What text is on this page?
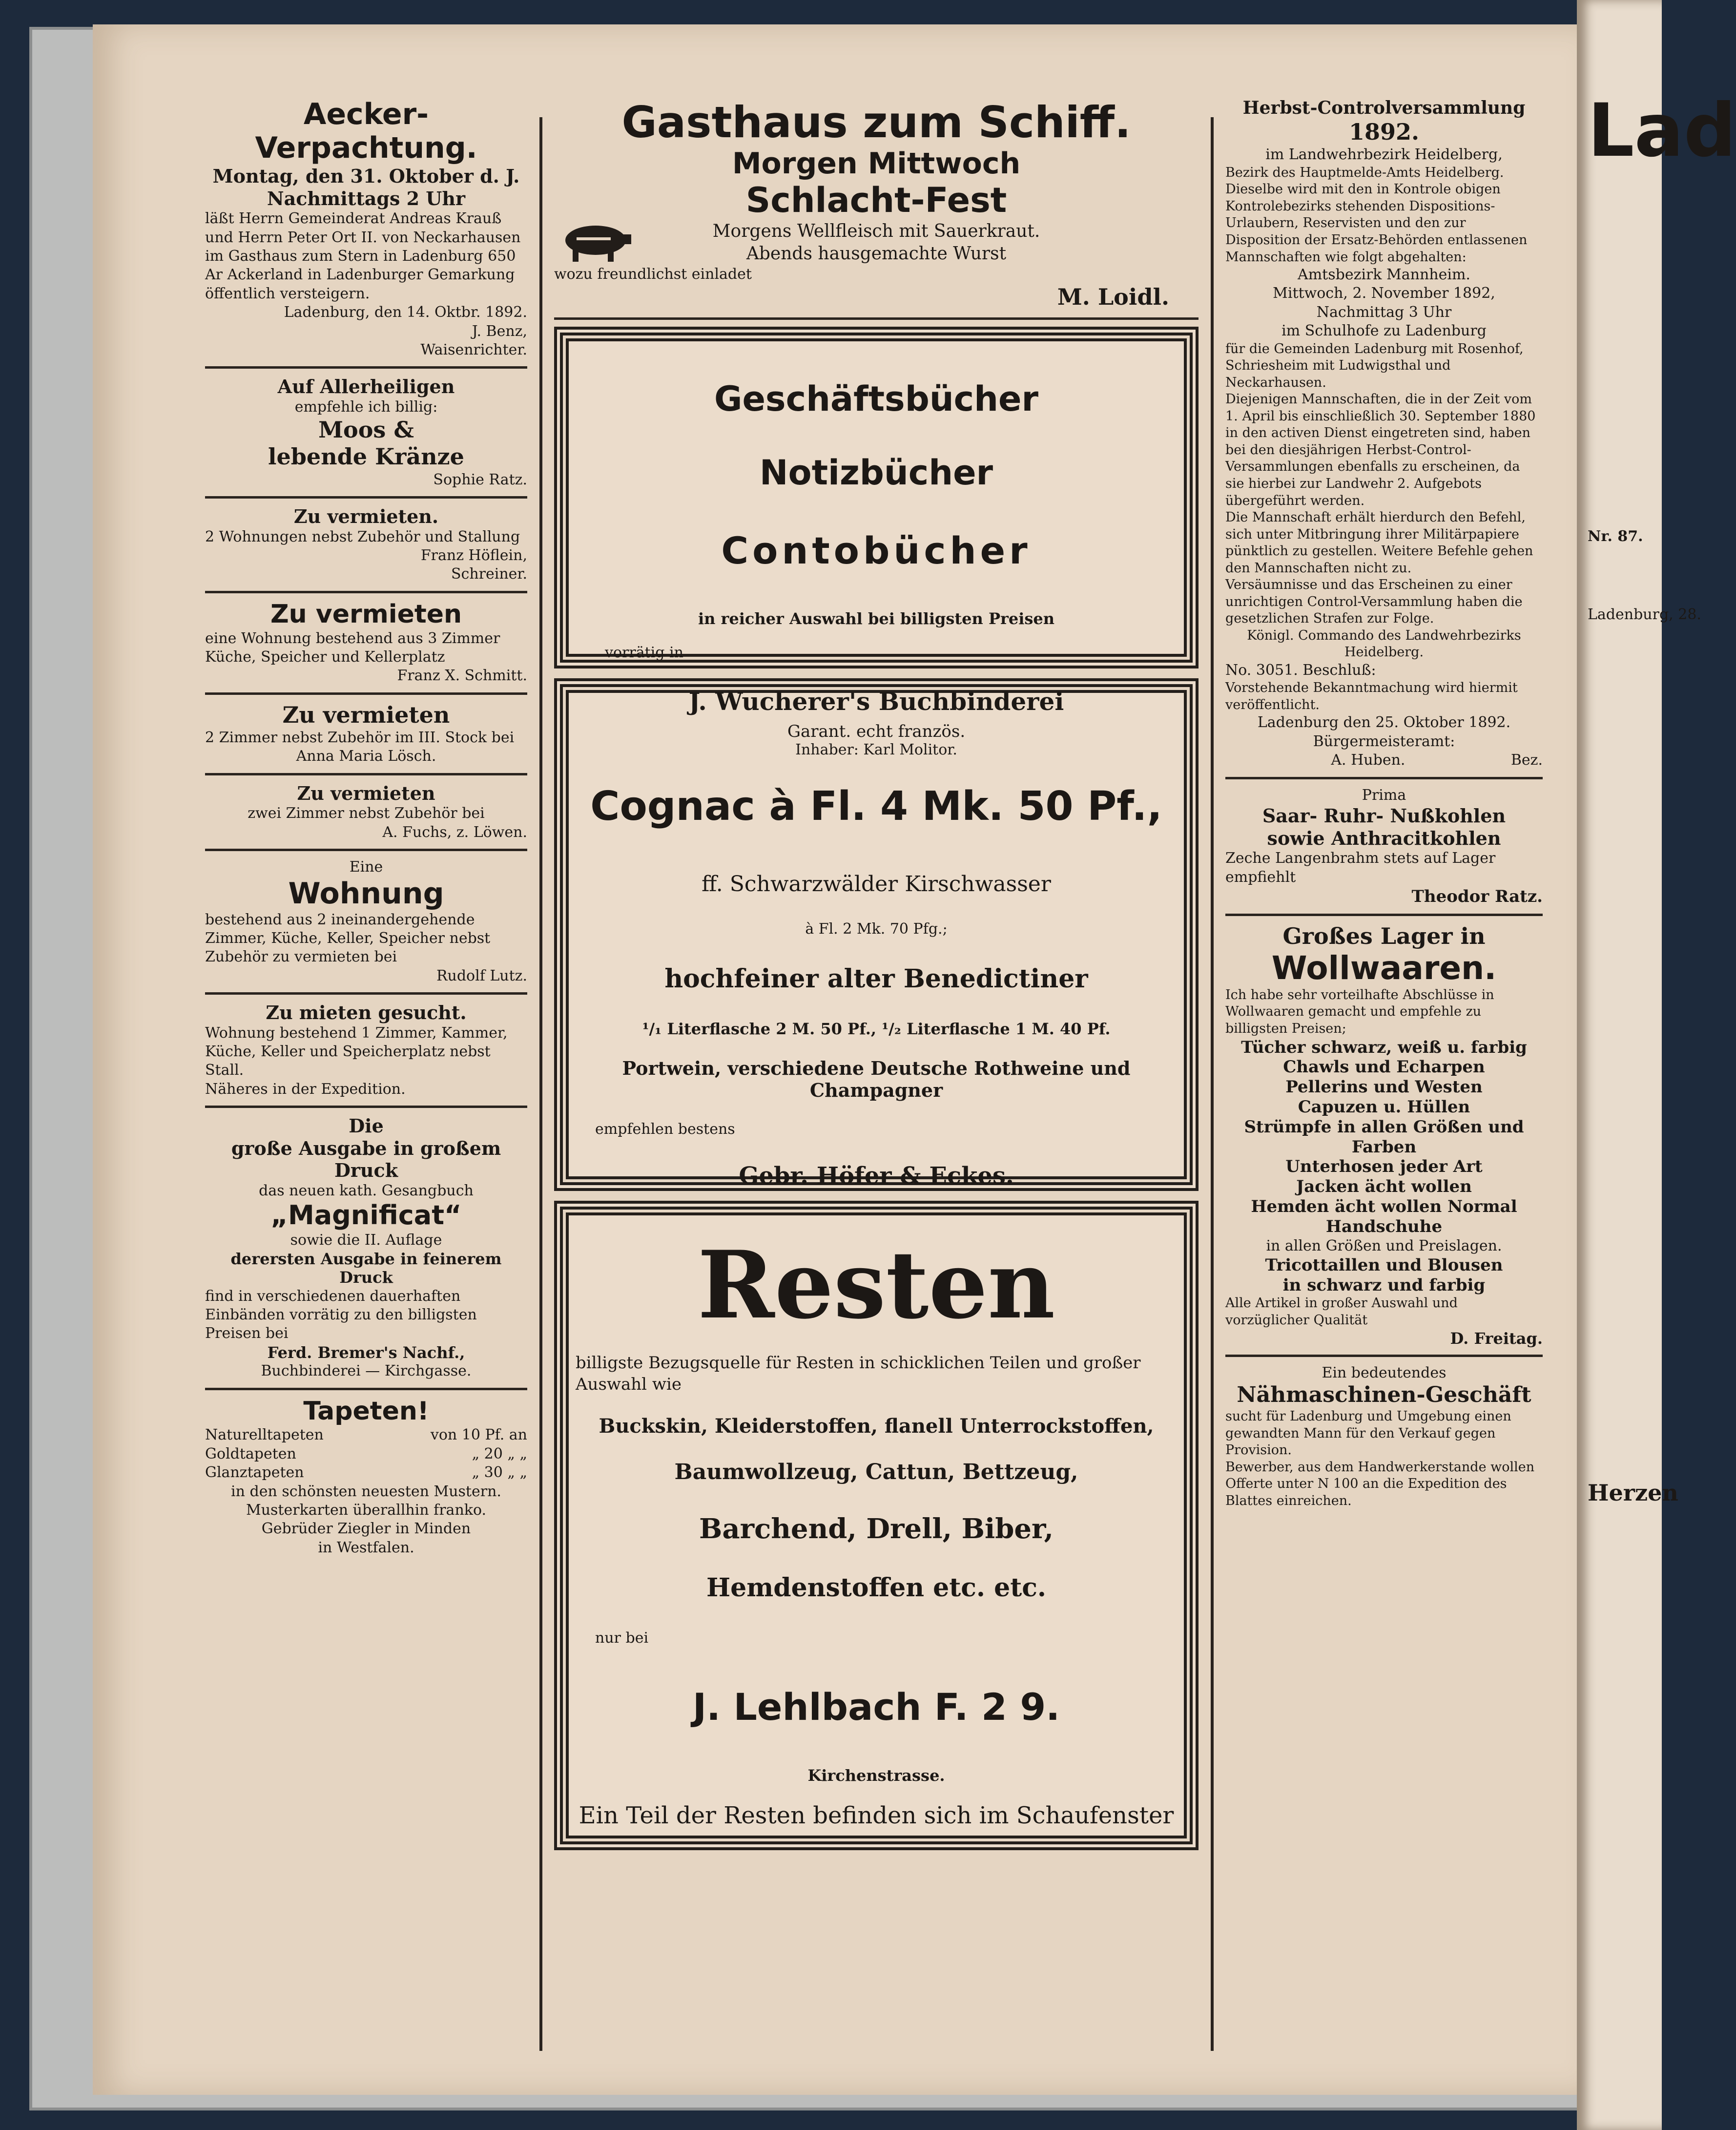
Aecker-

Verpachtung.

Montag, den 31. Oktober d. J.

Nachmittags 2 Uhr

läßt Herrn Gemeinderat Andreas Krauß und Herrn Peter Ort II. von Neckarhausen im Gasthaus zum Stern in Ladenburg 650 Ar Ackerland in Ladenburger Gemarkung öffentlich versteigern.

Ladenburg, den 14. Oktbr. 1892.

J. Benz,

Waisenrichter.

Auf Allerheiligen

empfehle ich billig:

Moos &

lebende Kränze

Sophie Ratz.

Zu vermieten.

2 Wohnungen nebst Zubehör und Stallung

Franz Höflein,

Schreiner.

Zu vermieten

eine Wohnung bestehend aus 3 Zimmer Küche, Speicher und Kellerplatz

Franz X. Schmitt.

Zu vermieten

2 Zimmer nebst Zubehör im III. Stock bei

Anna Maria Lösch.

Zu vermieten

zwei Zimmer nebst Zubehör bei

A. Fuchs, z. Löwen.

Eine

Wohnung

bestehend aus 2 ineinandergehende Zimmer, Küche, Keller, Speicher nebst Zubehör zu vermieten bei

Rudolf Lutz.

Zu mieten gesucht.

Wohnung bestehend 1 Zimmer, Kammer, Küche, Keller und Speicherplatz nebst Stall.

Näheres in der Expedition.

Die

große Ausgabe in großem

Druck

das neuen kath. Gesangbuch

„Magnificat“

sowie die II. Auflage

derersten Ausgabe in feinerem

Druck

find in verschiedenen dauerhaften Einbänden vorrätig zu den billigsten Preisen bei

Ferd. Bremer's Nachf.,

Buchbinderei — Kirchgasse.

Tapeten!

Naturelltapeten	von 10 Pf. an
Goldtapeten	„ 20 „ „
Glanztapeten	„ 30 „ „

in den schönsten neuesten Mustern.

Musterkarten überallhin franko.

Gebrüder Ziegler in Minden

in Westfalen.

Gasthaus zum Schiff.

Morgen Mittwoch

Schlacht-Fest

Morgens Wellfleisch mit Sauerkraut.

Abends hausgemachte Wurst

wozu freundlichst einladet

M. Loidl.

Geschäftsbücher

Notizbücher

Contobücher

in reicher Auswahl bei billigsten Preisen

vorrätig in

J. Wucherer's Buchbinderei

Inhaber: Karl Molitor.

Garant. echt französ.

Cognac à Fl. 4 Mk. 50 Pf.,

ff. Schwarzwälder Kirschwasser

à Fl. 2 Mk. 70 Pfg.;

hochfeiner alter Benedictiner

¹/₁ Literflasche 2 M. 50 Pf., ¹/₂ Literflasche 1 M. 40 Pf.

Portwein, verschiedene Deutsche Rothweine und Champagner

empfehlen bestens

Gebr. Höfer & Eckes.

Resten

billigste Bezugsquelle für Resten in schicklichen Teilen und großer Auswahl wie

Buckskin, Kleiderstoffen, flanell Unterrockstoffen,

Baumwollzeug, Cattun, Bettzeug,

Barchend, Drell, Biber,

Hemdenstoffen etc. etc.

nur bei

J. Lehlbach F. 2 9.

Kirchenstrasse.

Ein Teil der Resten befinden sich im Schaufenster

Herbst-Controlversammlung

1892.

im Landwehrbezirk Heidelberg,

Bezirk des Hauptmelde-Amts Heidelberg. Dieselbe wird mit den in Kontrole obigen Kontrolebezirks stehenden Dispositions-Urlaubern, Reservisten und den zur Disposition der Ersatz-Behörden entlassenen Mannschaften wie folgt abgehalten:

Amtsbezirk Mannheim.

Mittwoch, 2. November 1892,

Nachmittag 3 Uhr

im Schulhofe zu Ladenburg

für die Gemeinden Ladenburg mit Rosenhof, Schriesheim mit Ludwigsthal und Neckarhausen.

Diejenigen Mannschaften, die in der Zeit vom 1. April bis einschließlich 30. September 1880 in den activen Dienst eingetreten sind, haben bei den diesjährigen Herbst-Control-Versammlungen ebenfalls zu erscheinen, da sie hierbei zur Landwehr 2. Aufgebots übergeführt werden.

Die Mannschaft erhält hierdurch den Befehl, sich unter Mitbringung ihrer Militärpapiere pünktlich zu gestellen. Weitere Befehle gehen den Mannschaften nicht zu.

Versäumnisse und das Erscheinen zu einer unrichtigen Control-Versammlung haben die gesetzlichen Strafen zur Folge.

Königl. Commando des Landwehrbezirks Heidelberg.

No. 3051. Beschluß:

Vorstehende Bekanntmachung wird hiermit veröffentlicht.

Ladenburg den 25. Oktober 1892.

Bürgermeisteramt:

A. Huben.	Bez.

Prima

Saar- Ruhr- Nußkohlen

sowie Anthracitkohlen

Zeche Langenbrahm stets auf Lager empfiehlt

Theodor Ratz.

Großes Lager in

Wollwaaren.

Ich habe sehr vorteilhafte Abschlüsse in Wollwaaren gemacht und empfehle zu billigsten Preisen;

Tücher schwarz, weiß u. farbig

Chawls und Echarpen

Pellerins und Westen

Capuzen u. Hüllen

Strümpfe in allen Größen und Farben

Unterhosen jeder Art

Jacken ächt wollen

Hemden ächt wollen Normal

Handschuhe

in allen Größen und Preislagen.

Tricottaillen und Blousen

in schwarz und farbig

Alle Artikel in großer Auswahl und vorzüglicher Qualität

D. Freitag.

Ein bedeutendes

Nähmaschinen-Geschäft

sucht für Ladenburg und Umgebung einen gewandten Mann für den Verkauf gegen Provision.

Bewerber, aus dem Handwerkerstande wollen Offerte unter N 100 an die Expedition des Blattes einreichen.

Lad
Nr. 87.
Ladenburg, 28.
Herzen
